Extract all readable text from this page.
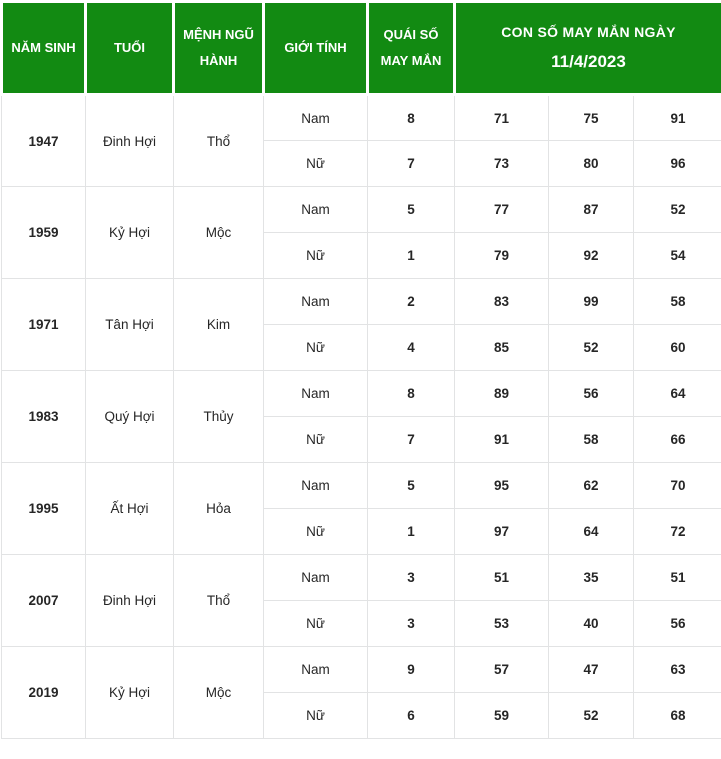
NĂM SINH	TUỔI	MỆNH NGŨ HÀNH	GIỚI TÍNH	QUÁI SỐ MAY MẮN	CON SỐ MAY MẮN NGÀY
11/4/2023		

1947	Đinh Hợi	Thổ	Nam	8	71	75	91
			Nữ	7	73	80	96
1959	Kỷ Hợi	Mộc	Nam	5	77	87	52
			Nữ	1	79	92	54
1971	Tân Hợi	Kim	Nam	2	83	99	58
			Nữ	4	85	52	60
1983	Quý Hợi	Thủy	Nam	8	89	56	64
			Nữ	7	91	58	66
1995	Ất Hợi	Hỏa	Nam	5	95	62	70
			Nữ	1	97	64	72
2007	Đinh Hợi	Thổ	Nam	3	51	35	51
			Nữ	3	53	40	56
2019	Kỷ Hợi	Mộc	Nam	9	57	47	63
			Nữ	6	59	52	68
